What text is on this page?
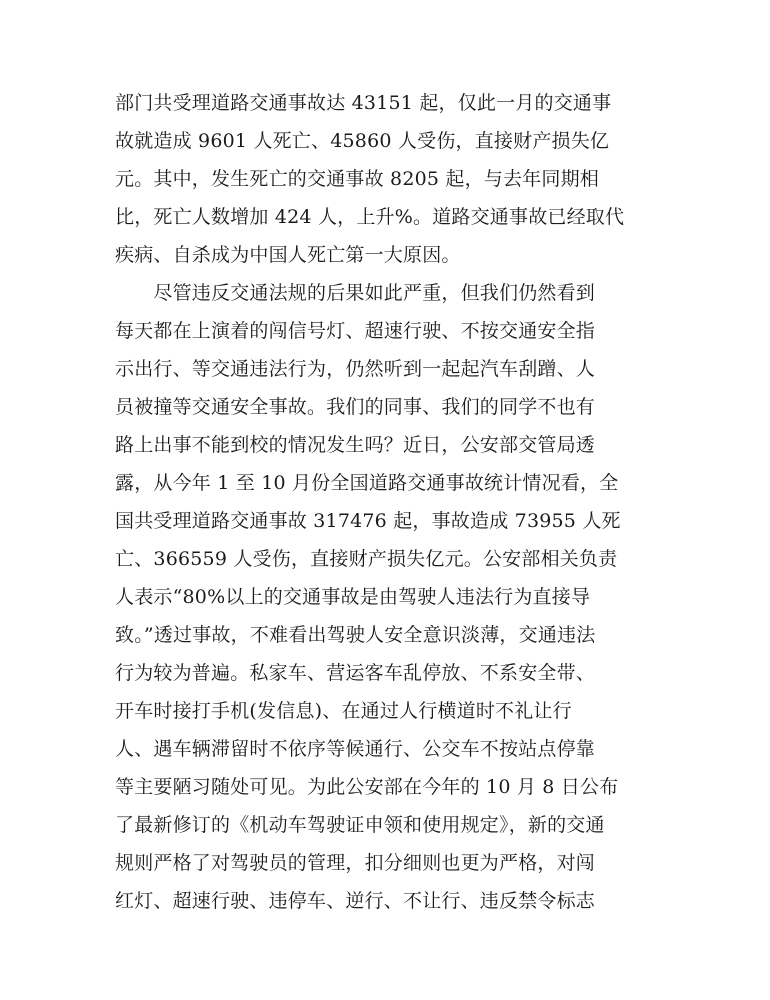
部门共受理道路交通事故达 43151 起，仅此一月的交通事
故就造成 9601 人死亡、45860 人受伤，直接财产损失亿
元。其中，发生死亡的交通事故 8205 起，与去年同期相
比，死亡人数增加 424 人，上升%。道路交通事故已经取代
疾病、自杀成为中国人死亡第一大原因。
　　尽管违反交通法规的后果如此严重，但我们仍然看到
每天都在上演着的闯信号灯、超速行驶、不按交通安全指
示出行、等交通违法行为，仍然听到一起起汽车刮蹭、人
员被撞等交通安全事故。我们的同事、我们的同学不也有
路上出事不能到校的情况发生吗？近日，公安部交管局透
露，从今年 1 至 10 月份全国道路交通事故统计情况看，全
国共受理道路交通事故 317476 起，事故造成 73955 人死
亡、366559 人受伤，直接财产损失亿元。公安部相关负责
人表示“80%以上的交通事故是由驾驶人违法行为直接导
致。”透过事故，不难看出驾驶人安全意识淡薄，交通违法
行为较为普遍。私家车、营运客车乱停放、不系安全带、
开车时接打手机(发信息)、在通过人行横道时不礼让行
人、遇车辆滞留时不依序等候通行、公交车不按站点停靠
等主要陋习随处可见。为此公安部在今年的 10 月 8 日公布
了最新修订的《机动车驾驶证申领和使用规定》，新的交通
规则严格了对驾驶员的管理，扣分细则也更为严格，对闯
红灯、超速行驶、违停车、逆行、不让行、违反禁令标志
